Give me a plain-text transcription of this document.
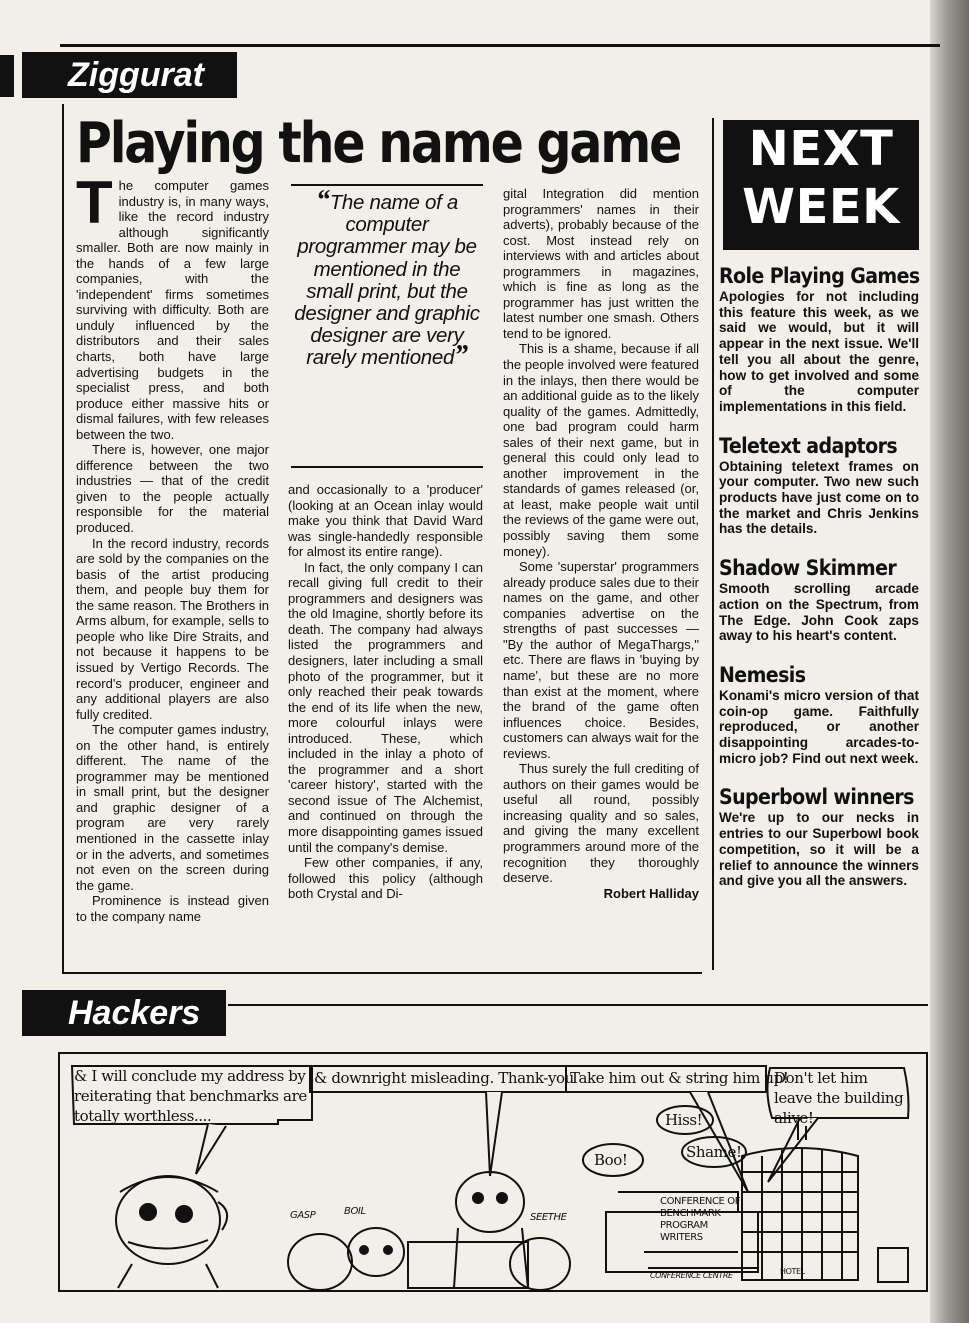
Ziggurat
Playing the name game

The computer games industry is, in many ways, like the record industry although significantly smaller. Both are now mainly in the hands of a few large companies, with the 'independent' firms sometimes surviving with difficulty. Both are unduly influenced by the distributors and their sales charts, both have large advertising budgets in the specialist press, and both produce either massive hits or dismal failures, with few releases between the two.

There is, however, one major difference between the two industries — that of the credit given to the people actually responsible for the material produced.

In the record industry, records are sold by the companies on the basis of the artist producing them, and people buy them for the same reason. The Brothers in Arms album, for example, sells to people who like Dire Straits, and not because it happens to be issued by Vertigo Records. The record's producer, engineer and any additional players are also fully credited.

The computer games industry, on the other hand, is entirely different. The name of the programmer may be mentioned in small print, but the designer and graphic designer of a program are very rarely mentioned in the cassette inlay or in the adverts, and sometimes not even on the screen during the game.

Prominence is instead given to the company name

“The name of a computer programmer may be mentioned in the small print, but the designer and graphic designer are very rarely mentioned”

and occasionally to a 'producer' (looking at an Ocean inlay would make you think that David Ward was single-handedly responsible for almost its entire range).

In fact, the only company I can recall giving full credit to their programmers and designers was the old Imagine, shortly before its death. The company had always listed the programmers and designers, later including a small photo of the programmer, but it only reached their peak towards the end of its life when the new, more colourful inlays were introduced. These, which included in the inlay a photo of the programmer and a short 'career history', started with the second issue of The Alchemist, and continued on through the more disappointing games issued until the company's demise.

Few other companies, if any, followed this policy (although both Crystal and Di-

gital Integration did mention programmers' names in their adverts), probably because of the cost. Most instead rely on interviews with and articles about programmers in magazines, which is fine as long as the programmer has just written the latest number one smash. Others tend to be ignored.

This is a shame, because if all the people involved were featured in the inlays, then there would be an additional guide as to the likely quality of the games. Admittedly, one bad program could harm sales of their next game, but in general this could only lead to another improvement in the standards of games released (or, at least, make people wait until the reviews of the game were out, possibly saving them some money).

Some 'superstar' programmers already produce sales due to their names on the game, and other companies advertise on the strengths of past successes — "By the author of MegaThargs," etc. There are flaws in 'buying by name', but these are no more than exist at the moment, where the brand of the game often influences choice. Besides, customers can always wait for the reviews.

Thus surely the full crediting of authors on their games would be useful all round, possibly increasing quality and so sales, and giving the many excellent programmers around more of the recognition they thoroughly deserve.

Robert Halliday

NEXT
WEEK
Role Playing Games
Apologies for not including this feature this week, as we said we would, but it will appear in the next issue. We'll tell you all about the genre, how to get involved and some of the computer implementations in this field.
Teletext adaptors
Obtaining teletext frames on your computer. Two new such products have just come on to the market and Chris Jenkins has the details.
Shadow Skimmer
Smooth scrolling arcade action on the Spectrum, from The Edge. John Cook zaps away to his heart's content.
Nemesis
Konami's micro version of that coin-op game. Faithfully reproduced, or another disappointing arcades-to-micro job? Find out next week.
Superbowl winners
We're up to our necks in entries to our Superbowl book competition, so it will be a relief to announce the winners and give you all the answers.
Hackers
& I will conclude my address by reiterating that benchmarks are totally worthless....
& downright misleading. Thank-you
Take him out & string him up!
Don't let him leave the building alive!
Boo!
Hiss!
Shame!
GASP	BOIL
SEETHE
CONFERENCE OF BENCHMARK PROGRAM WRITERS
CONFERENCE CENTRE	HOTEL
